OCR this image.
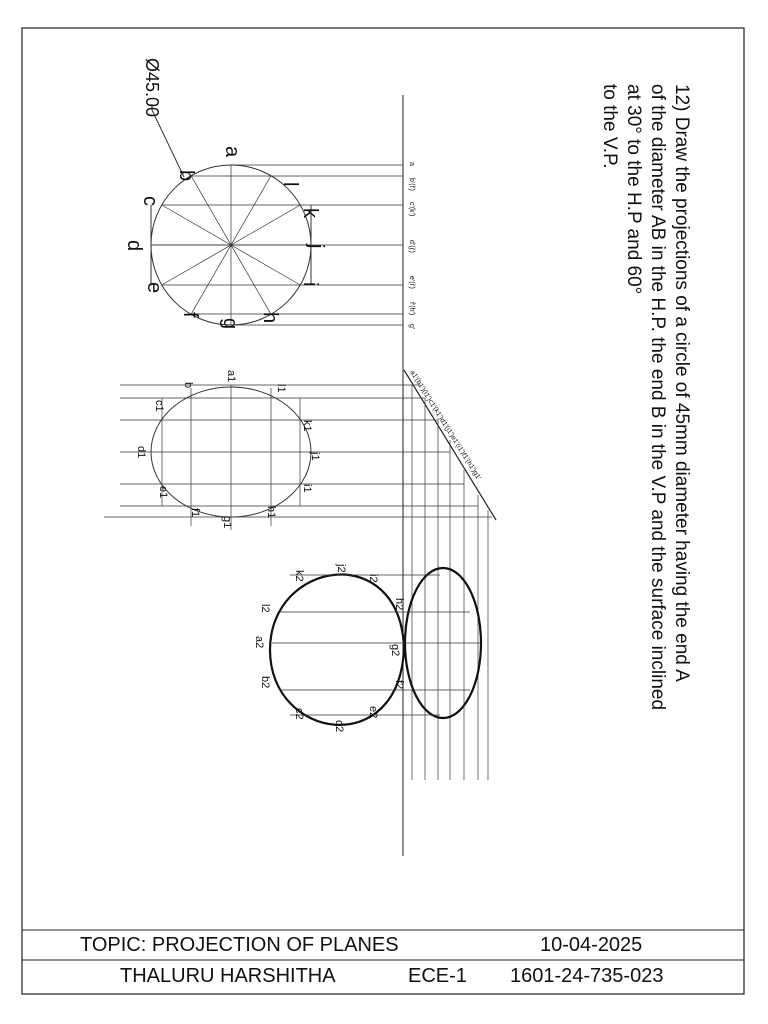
12) Draw the projections of a circle of 45mm diameter having the end A
of the diameter AB in the H.P. the end B in the V.P and the surface inclined
at 30° to the H.P and 60°
to the V.P.
Ø45.00
a
b
c
d
e
f
g
h
i
j
k
l
a
b'(l')
c'(k')
d'(j')
e'(i')
f'(h')
g'
a1'(b1')(l1')c1'(k1')d1'(j1')e1'(i1')f1'(h1')g1'
a1
b
c1
d1
e1
f1
g1
h1
i1
j1
k1
l1
a2
b2
c2
d2
e2
f2
g2
h2
i2
j2
k2
l2
TOPIC: PROJECTION OF PLANES	10-04-2025
THALURU HARSHITHA	ECE-1 1601-24-735-023
